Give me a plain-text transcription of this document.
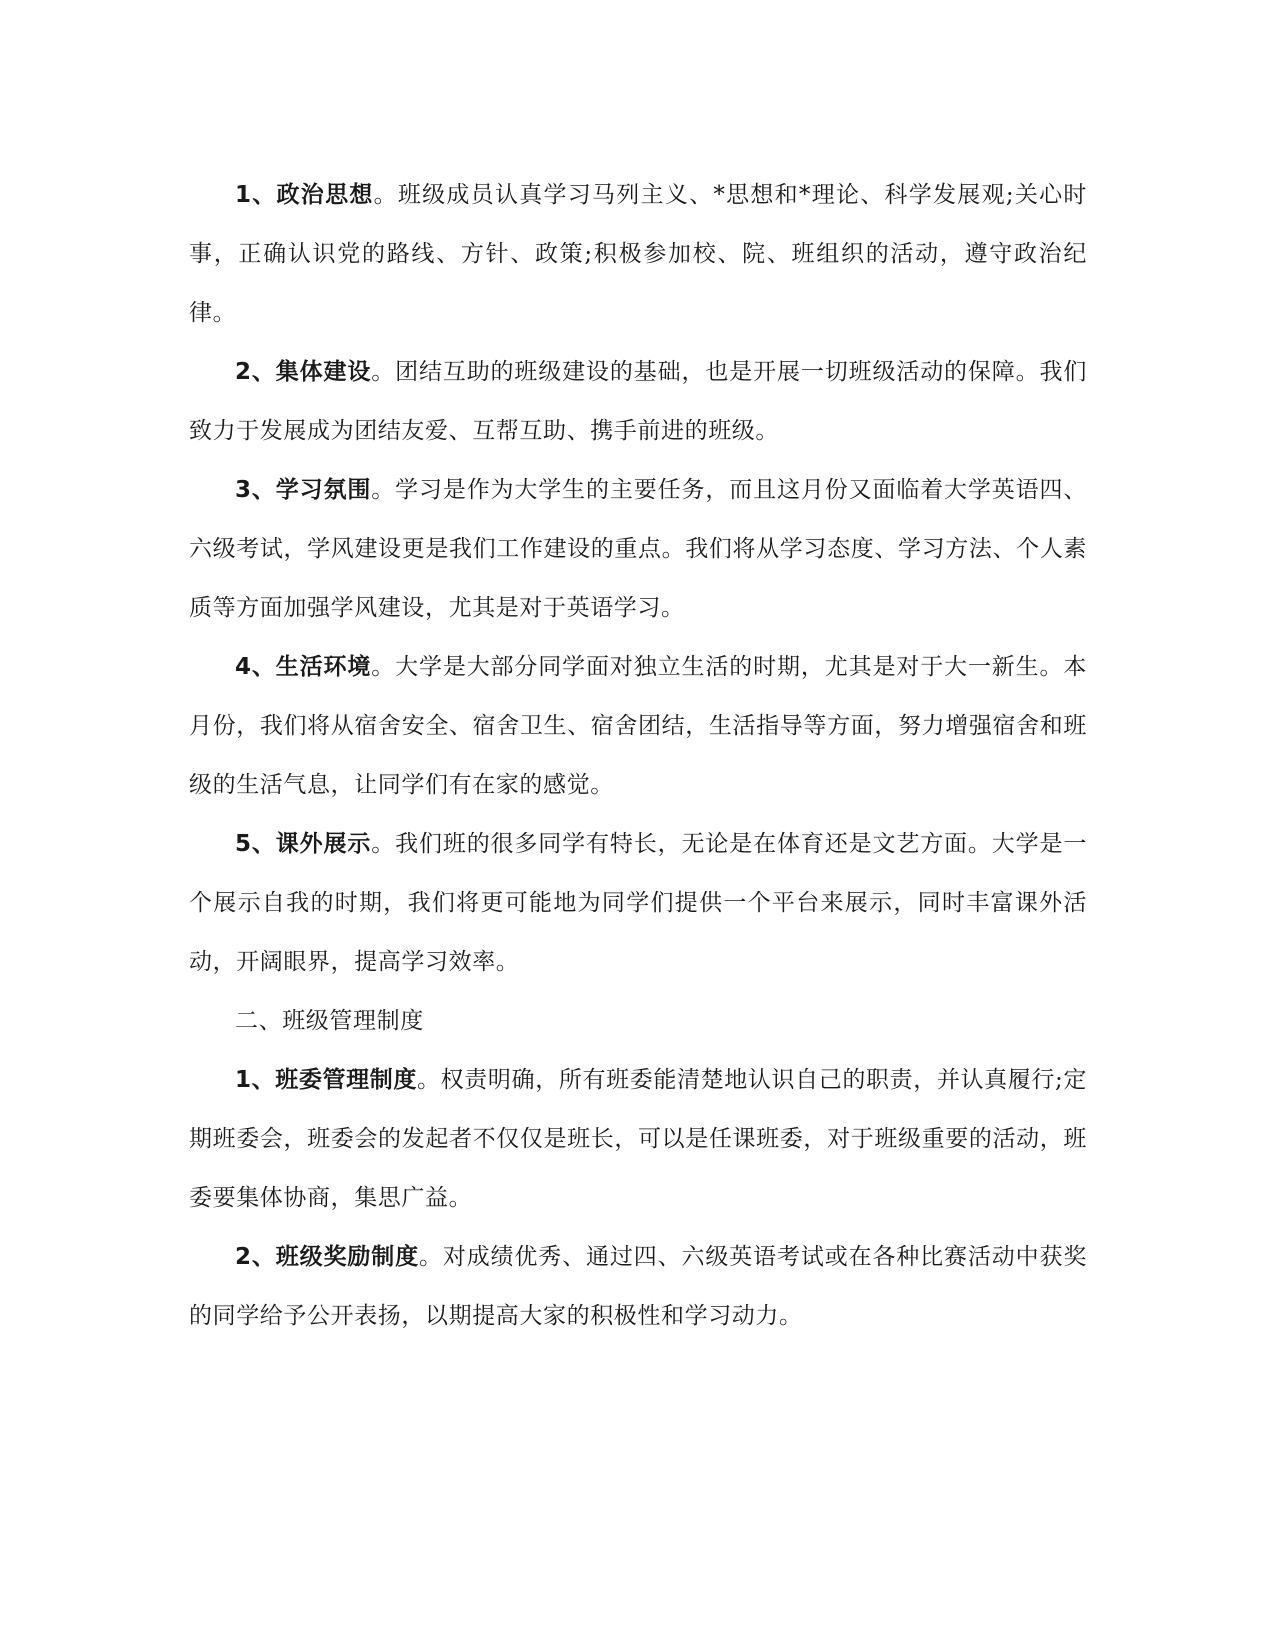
1、政治思想。班级成员认真学习马列主义、*思想和*理论、科学发展观;关心时事，正确认识党的路线、方针、政策;积极参加校、院、班组织的活动，遵守政治纪律。

2、集体建设。团结互助的班级建设的基础，也是开展一切班级活动的保障。我们致力于发展成为团结友爱、互帮互助、携手前进的班级。

3、学习氛围。学习是作为大学生的主要任务，而且这月份又面临着大学英语四、六级考试，学风建设更是我们工作建设的重点。我们将从学习态度、学习方法、个人素质等方面加强学风建设，尤其是对于英语学习。

4、生活环境。大学是大部分同学面对独立生活的时期，尤其是对于大一新生。本月份，我们将从宿舍安全、宿舍卫生、宿舍团结，生活指导等方面，努力增强宿舍和班级的生活气息，让同学们有在家的感觉。

5、课外展示。我们班的很多同学有特长，无论是在体育还是文艺方面。大学是一个展示自我的时期，我们将更可能地为同学们提供一个平台来展示，同时丰富课外活动，开阔眼界，提高学习效率。

二、班级管理制度

1、班委管理制度。权责明确，所有班委能清楚地认识自己的职责，并认真履行;定期班委会，班委会的发起者不仅仅是班长，可以是任课班委，对于班级重要的活动，班委要集体协商，集思广益。

2、班级奖励制度。对成绩优秀、通过四、六级英语考试或在各种比赛活动中获奖的同学给予公开表扬，以期提高大家的积极性和学习动力。
